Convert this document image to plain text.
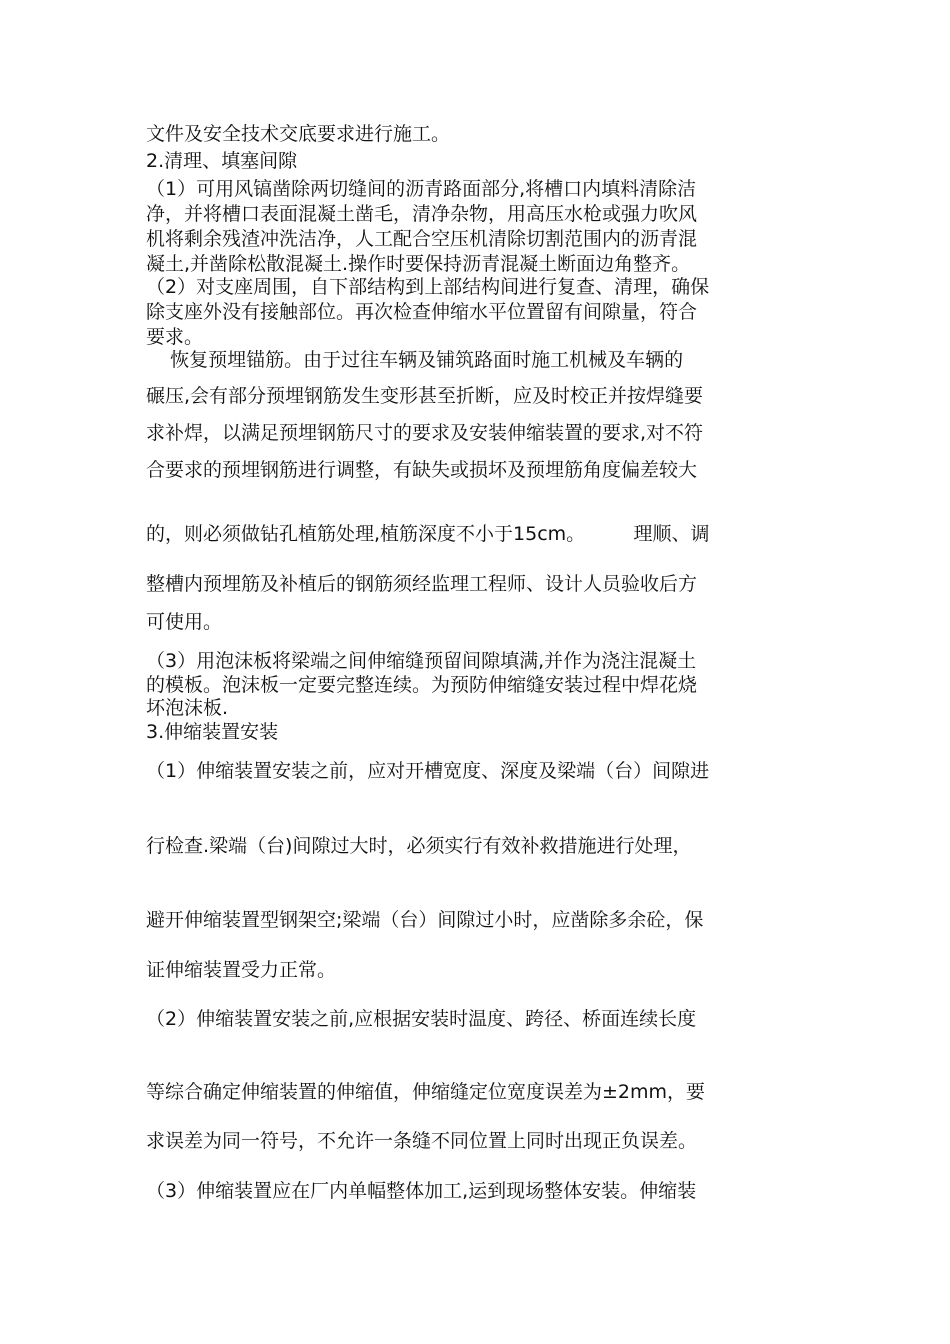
文件及安全技术交底要求进行施工。
2.清理、填塞间隙
（1）可用风镐凿除两切缝间的沥青路面部分,将槽口内填料清除洁
净，并将槽口表面混凝土凿毛，清净杂物，用高压水枪或强力吹风
机将剩余残渣冲洗洁净，人工配合空压机清除切割范围内的沥青混
凝土,并凿除松散混凝土.操作时要保持沥青混凝土断面边角整齐。
（2）对支座周围，自下部结构到上部结构间进行复查、清理，确保
除支座外没有接触部位。再次检查伸缩水平位置留有间隙量，符合
要求。
恢复预埋锚筋。由于过往车辆及铺筑路面时施工机械及车辆的
碾压,会有部分预埋钢筋发生变形甚至折断，应及时校正并按焊缝要
求补焊，以满足预埋钢筋尺寸的要求及安装伸缩装置的要求,对不符
合要求的预埋钢筋进行调整，有缺失或损坏及预埋筋角度偏差较大
的，则必须做钻孔植筋处理,植筋深度不小于15cm。        理顺、调
整槽内预埋筋及补植后的钢筋须经监理工程师、设计人员验收后方
可使用。
（3）用泡沫板将梁端之间伸缩缝预留间隙填满,并作为浇注混凝土
的模板。泡沫板一定要完整连续。为预防伸缩缝安装过程中焊花烧
坏泡沫板.
3.伸缩装置安装
（1）伸缩装置安装之前，应对开槽宽度、深度及梁端（台）间隙进
行检查.梁端（台)间隙过大时，必须实行有效补救措施进行处理，
避开伸缩装置型钢架空;梁端（台）间隙过小时，应凿除多余砼，保
证伸缩装置受力正常。
（2）伸缩装置安装之前,应根据安装时温度、跨径、桥面连续长度
等综合确定伸缩装置的伸缩值，伸缩缝定位宽度误差为±2mm，要
求误差为同一符号，不允许一条缝不同位置上同时出现正负误差。
（3）伸缩装置应在厂内单幅整体加工,运到现场整体安装。伸缩装
